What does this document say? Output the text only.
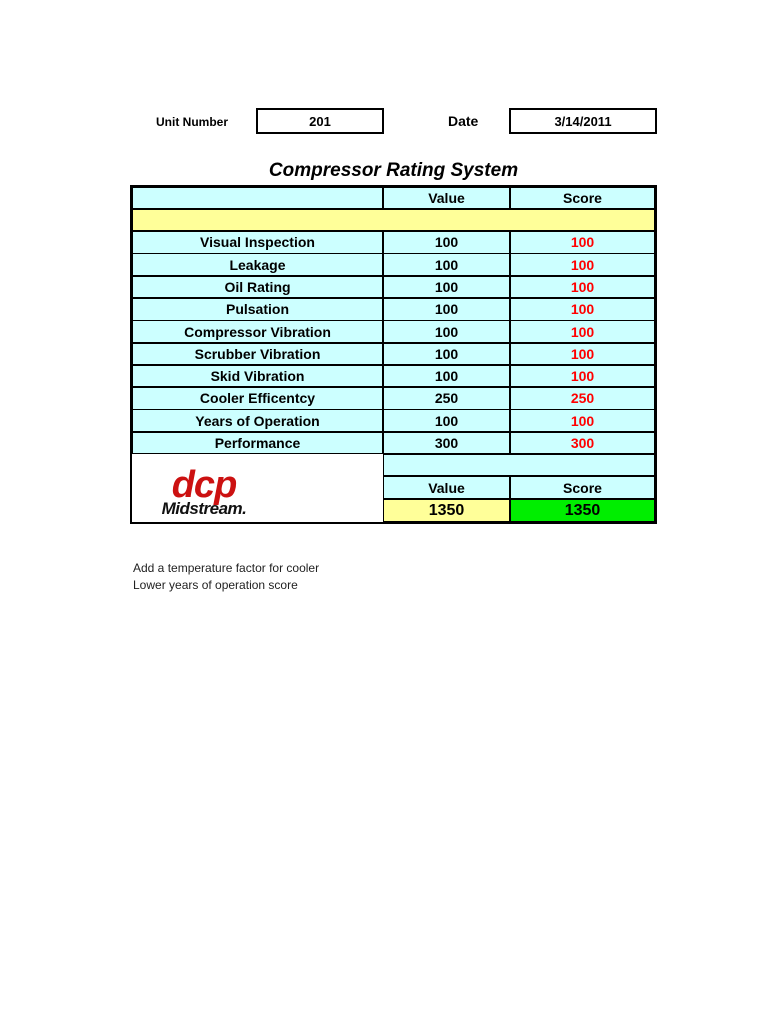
Unit Number	201	Date	3/14/2011
Compressor Rating System
Value	Score
Visual Inspection	100	100
Leakage	100	100
Oil Rating	100	100
Pulsation	100	100
Compressor Vibration	100	100
Scrubber Vibration	100	100
Skid Vibration	100	100
Cooler Efficentcy	250	250
Years of Operation	100	100
Performance	300	300
Value	Score
1350	1350
dcp
Midstream.
Add a temperature factor for cooler
Lower years of operation score
